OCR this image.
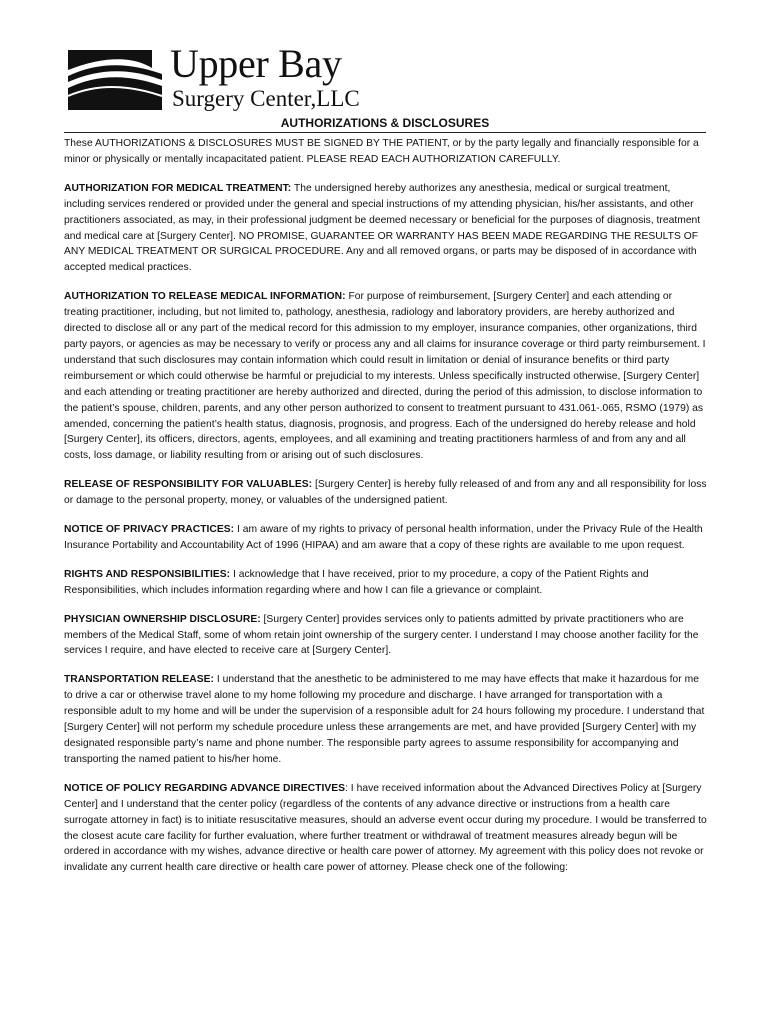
Upper Bay
Surgery Center,LLC
AUTHORIZATIONS & DISCLOSURES

These AUTHORIZATIONS & DISCLOSURES MUST BE SIGNED BY THE PATIENT, or by the party legally and financially responsible for a minor or physically or mentally incapacitated patient. PLEASE READ EACH AUTHORIZATION CAREFULLY.

AUTHORIZATION FOR MEDICAL TREATMENT: The undersigned hereby authorizes any anesthesia, medical or surgical treatment, including services rendered or provided under the general and special instructions of my attending physician, his/her assistants, and other practitioners associated, as may, in their professional judgment be deemed necessary or beneficial for the purposes of diagnosis, treatment and medical care at [Surgery Center]. NO PROMISE, GUARANTEE OR WARRANTY HAS BEEN MADE REGARDING THE RESULTS OF ANY MEDICAL TREATMENT OR SURGICAL PROCEDURE. Any and all removed organs, or parts may be disposed of in accordance with accepted medical practices.

AUTHORIZATION TO RELEASE MEDICAL INFORMATION: For purpose of reimbursement, [Surgery Center] and each attending or treating practitioner, including, but not limited to, pathology, anesthesia, radiology and laboratory providers, are hereby authorized and directed to disclose all or any part of the medical record for this admission to my employer, insurance companies, other organizations, third party payors, or agencies as may be necessary to verify or process any and all claims for insurance coverage or third party reimbursement. I understand that such disclosures may contain information which could result in limitation or denial of insurance benefits or third party reimbursement or which could otherwise be harmful or prejudicial to my interests. Unless specifically instructed otherwise, [Surgery Center] and each attending or treating practitioner are hereby authorized and directed, during the period of this admission, to disclose information to the patient’s spouse, children, parents, and any other person authorized to consent to treatment pursuant to 431.061-.065, RSMO (1979) as amended, concerning the patient’s health status, diagnosis, prognosis, and progress. Each of the undersigned do hereby release and hold [Surgery Center], its officers, directors, agents, employees, and all examining and treating practitioners harmless of and from any and all costs, loss damage, or liability resulting from or arising out of such disclosures.

RELEASE OF RESPONSIBILITY FOR VALUABLES: [Surgery Center] is hereby fully released of and from any and all responsibility for loss or damage to the personal property, money, or valuables of the undersigned patient.

NOTICE OF PRIVACY PRACTICES: I am aware of my rights to privacy of personal health information, under the Privacy Rule of the Health Insurance Portability and Accountability Act of 1996 (HIPAA) and am aware that a copy of these rights are available to me upon request.

RIGHTS AND RESPONSIBILITIES: I acknowledge that I have received, prior to my procedure, a copy of the Patient Rights and Responsibilities, which includes information regarding where and how I can file a grievance or complaint.

PHYSICIAN OWNERSHIP DISCLOSURE: [Surgery Center] provides services only to patients admitted by private practitioners who are members of the Medical Staff, some of whom retain joint ownership of the surgery center. I understand I may choose another facility for the services I require, and have elected to receive care at [Surgery Center].

TRANSPORTATION RELEASE: I understand that the anesthetic to be administered to me may have effects that make it hazardous for me to drive a car or otherwise travel alone to my home following my procedure and discharge. I have arranged for transportation with a responsible adult to my home and will be under the supervision of a responsible adult for 24 hours following my procedure. I understand that [Surgery Center] will not perform my schedule procedure unless these arrangements are met, and have provided [Surgery Center] with my designated responsible party’s name and phone number. The responsible party agrees to assume responsibility for accompanying and transporting the named patient to his/her home.

NOTICE OF POLICY REGARDING ADVANCE DIRECTIVES: I have received information about the Advanced Directives Policy at [Surgery Center] and I understand that the center policy (regardless of the contents of any advance directive or instructions from a health care surrogate attorney in fact) is to initiate resuscitative measures, should an adverse event occur during my procedure. I would be transferred to the closest acute care facility for further evaluation, where further treatment or withdrawal of treatment measures already begun will be ordered in accordance with my wishes, advance directive or health care power of attorney. My agreement with this policy does not revoke or invalidate any current health care directive or health care power of attorney. Please check one of the following:
